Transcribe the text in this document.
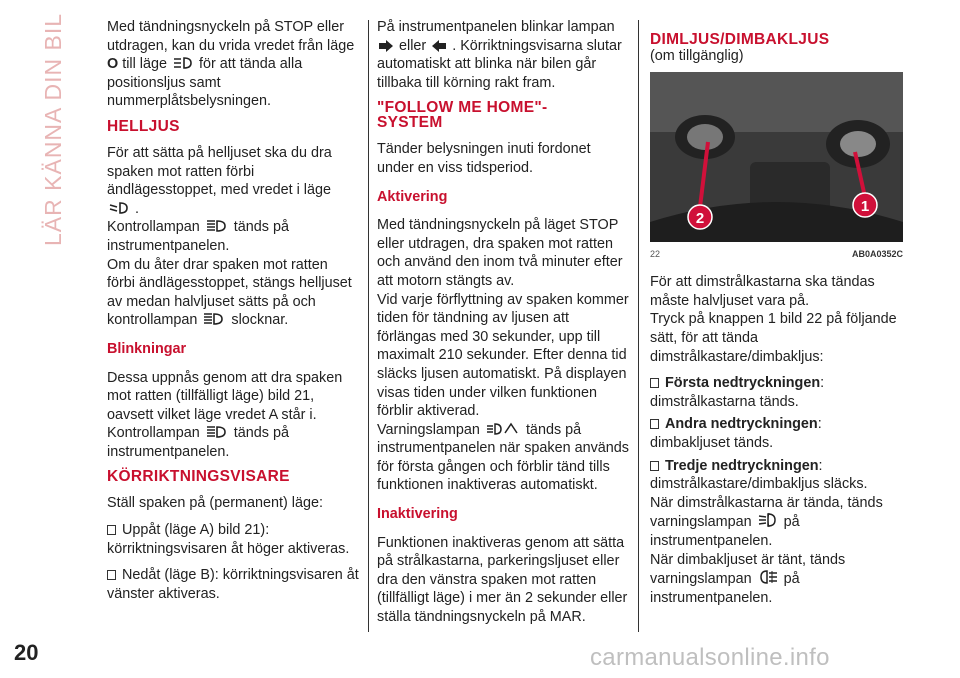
LÄR KÄNNA DIN BIL	Med tändningsnyckeln på STOP eller utdragen, kan du vrida vredet från läge
O till läge för att tända alla positionsljus samt nummerplåtsbelysningen.

HELLJUS

För att sätta på helljuset ska du dra spaken mot ratten förbi ändlägesstoppet, med vredet i läge
.
Kontrollampan tänds på instrumentpanelen.
Om du åter drar spaken mot ratten förbi ändlägesstoppet, stängs helljuset av medan halvljuset sätts på och kontrollampan slocknar.

Blinkningar

Dessa uppnås genom att dra spaken mot ratten (tillfälligt läge) bild 21, oavsett vilket läge vredet A står i. Kontrollampan tänds på instrumentpanelen.

KÖRRIKTNINGSVISARE

Ställ spaken på (permanent) läge:

Uppåt (läge A) bild 21): körriktningsvisaren åt höger aktiveras.

Nedåt (läge B): körriktningsvisaren åt vänster aktiveras.

På instrumentpanelen blinkar lampan
eller . Körriktningsvisarna slutar automatiskt att blinka när bilen går tillbaka till körning rakt fram.

"FOLLOW ME HOME"-SYSTEM

Tänder belysningen inuti fordonet under en viss tidsperiod.

Aktivering

Med tändningsnyckeln på läget STOP eller utdragen, dra spaken mot ratten och använd den inom två minuter efter att motorn stängts av.

Vid varje förflyttning av spaken kommer tiden för tändning av ljusen att förlängas med 30 sekunder, upp till maximalt 210 sekunder. Efter denna tid släcks ljusen automatiskt. På displayen visas tiden under vilken funktionen förblir aktiverad.

Varningslampan	tänds på instrumentpanelen när spaken används för första gången och förblir tänd tills funktionen inaktiveras automatiskt.

Inaktivering

Funktionen inaktiveras genom att sätta på strålkastarna, parkeringsljuset eller dra den vänstra spaken mot ratten (tillfälligt läge) i mer än 2 sekunder eller ställa tändningsnyckeln på MAR.

DIMLJUS/DIMBAKLJUS
(om tillgänglig)
2
1
22	AB0A0352C

För att dimstrålkastarna ska tändas måste halvljuset vara på.

Tryck på knappen 1 bild 22 på följande sätt, för att tända dimstrålkastare/dimbakljus:

Första nedtryckningen:
dimstrålkastarna tänds.

Andra nedtryckningen:
dimbakljuset tänds.

Tredje nedtryckningen:
dimstrålkastare/dimbakljus släcks.

När dimstrålkastarna är tända, tänds varningslampan på instrumentpanelen.

När dimbakljuset är tänt, tänds varningslampan på instrumentpanelen.

20	carmanualsonline.info
